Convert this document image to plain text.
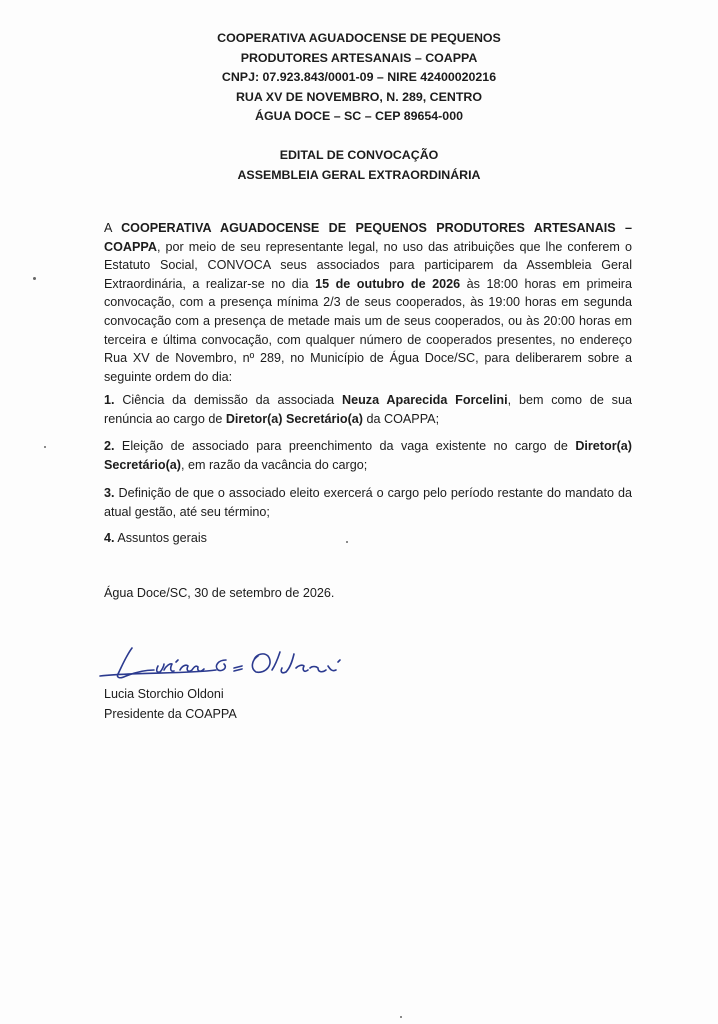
COOPERATIVA AGUADOCENSE DE PEQUENOS
PRODUTORES ARTESANAIS – COAPPA
CNPJ: 07.923.843/0001-09 – NIRE 42400020216
RUA XV DE NOVEMBRO, N. 289, CENTRO
ÁGUA DOCE – SC – CEP 89654-000
EDITAL DE CONVOCAÇÃO
ASSEMBLEIA GERAL EXTRAORDINÁRIA
A COOPERATIVA AGUADOCENSE DE PEQUENOS PRODUTORES ARTESANAIS – COAPPA, por meio de seu representante legal, no uso das atribuições que lhe conferem o Estatuto Social, CONVOCA seus associados para participarem da Assembleia Geral Extraordinária, a realizar-se no dia 15 de outubro de 2026 às 18:00 horas em primeira convocação, com a presença mínima 2/3 de seus cooperados, às 19:00 horas em segunda convocação com a presença de metade mais um de seus cooperados, ou às 20:00 horas em terceira e última convocação, com qualquer número de cooperados presentes, no endereço Rua XV de Novembro, nº 289, no Município de Água Doce/SC, para deliberarem sobre a seguinte ordem do dia:
1. Ciência da demissão da associada Neuza Aparecida Forcelini, bem como de sua renúncia ao cargo de Diretor(a) Secretário(a) da COAPPA;
2. Eleição de associado para preenchimento da vaga existente no cargo de Diretor(a) Secretário(a), em razão da vacância do cargo;
3. Definição de que o associado eleito exercerá o cargo pelo período restante do mandato da atual gestão, até seu término;
4. Assuntos gerais
Água Doce/SC, 30 de setembro de 2026.
Lucia Storchio Oldoni
Presidente da COAPPA
